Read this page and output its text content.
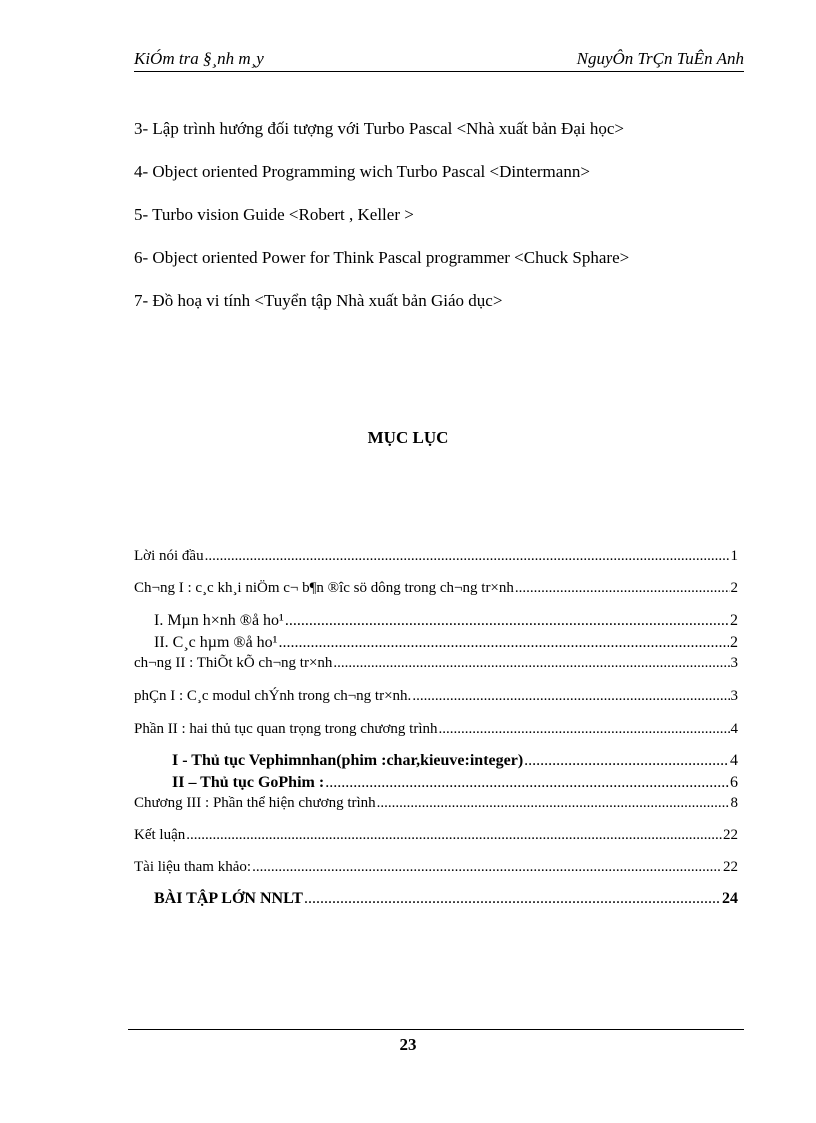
KiÓm tra §¸nh m¸y	NguyÔn TrÇn TuÊn Anh
3- Lập trình hướng đối tượng với Turbo Pascal <Nhà xuất bản Đại học>
4- Object oriented Programming wich Turbo Pascal <Dintermann>
5- Turbo vision Guide <Robert , Keller >
6- Object oriented Power for Think Pascal programmer <Chuck Sphare>
7- Đồ hoạ vi tính <Tuyển tập Nhà xuất bản Giáo dục>
MỤC LỤC
Lời nói đầu .....	1
Ch¬ng I : c¸c kh¸i niÖm c¬ b¶n ®îc sö dông trong ch¬ng tr×nh .....	2
I. Mµn h×nh ®å ho¹ .....	2
II. C¸c hµm ®å ho¹ .....	2
ch¬ng II : ThiÕt kÕ ch¬ng tr×nh .....	3
phÇn I : C¸c modul chÝnh trong ch¬ng tr×nh. .....	3
Phần II : hai thủ tục quan trọng trong chương trình .....	4
I - Thủ tục Vephimnhan(phim :char,kieuve:integer) .....	4
II – Thủ tục GoPhim : .....	6
Chương III : Phần thể hiện chương trình .....	8
Kết luận .....	22
Tài liệu tham khảo: .....	22
BÀI TẬP LỚN NNLT .....	24
23
